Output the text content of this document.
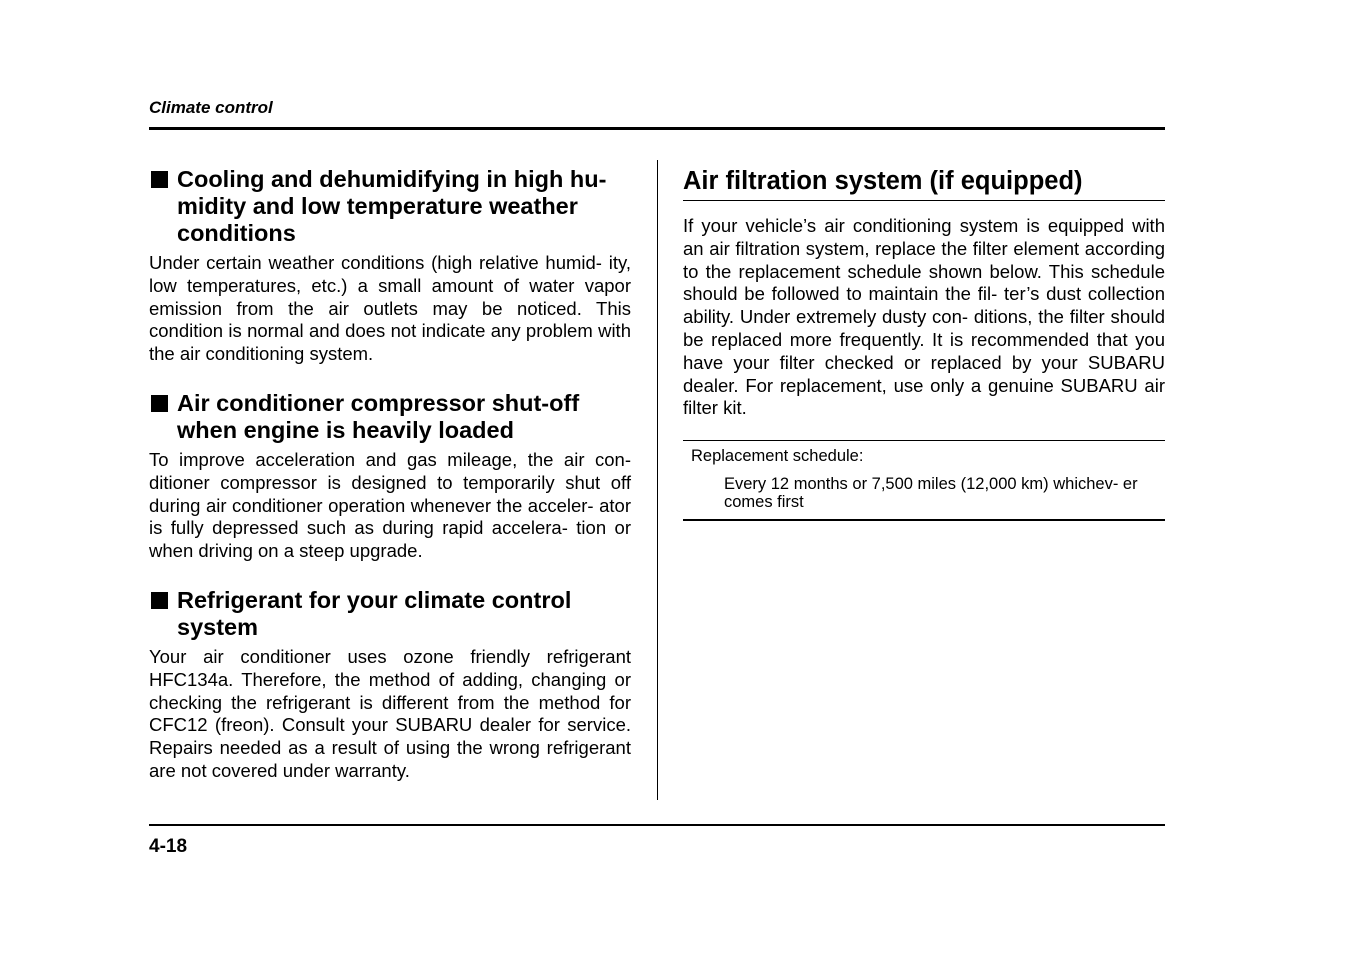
Climate control
Cooling and dehumidifying in high hu- midity and low temperature weather conditions

Under certain weather conditions (high relative humid- ity, low temperatures, etc.) a small amount of water vapor emission from the air outlets may be noticed. This condition is normal and does not indicate any problem with the air conditioning system.

Air conditioner compressor shut-off when engine is heavily loaded

To improve acceleration and gas mileage, the air con- ditioner compressor is designed to temporarily shut off during air conditioner operation whenever the acceler- ator is fully depressed such as during rapid accelera- tion or when driving on a steep upgrade.

Refrigerant for your climate control system

Your air conditioner uses ozone friendly refrigerant HFC134a. Therefore, the method of adding, changing or checking the refrigerant is different from the method for CFC12 (freon). Consult your SUBARU dealer for service. Repairs needed as a result of using the wrong refrigerant are not covered under warranty.

Air filtration system (if equipped)

If your vehicle’s air conditioning system is equipped with an air filtration system, replace the filter element according to the replacement schedule shown below. This schedule should be followed to maintain the fil- ter’s dust collection ability. Under extremely dusty con- ditions, the filter should be replaced more frequently. It is recommended that you have your filter checked or replaced by your SUBARU dealer. For replacement, use only a genuine SUBARU air filter kit.

Replacement schedule:
Every 12 months or 7,500 miles (12,000 km) whichev- er comes first
4-18
